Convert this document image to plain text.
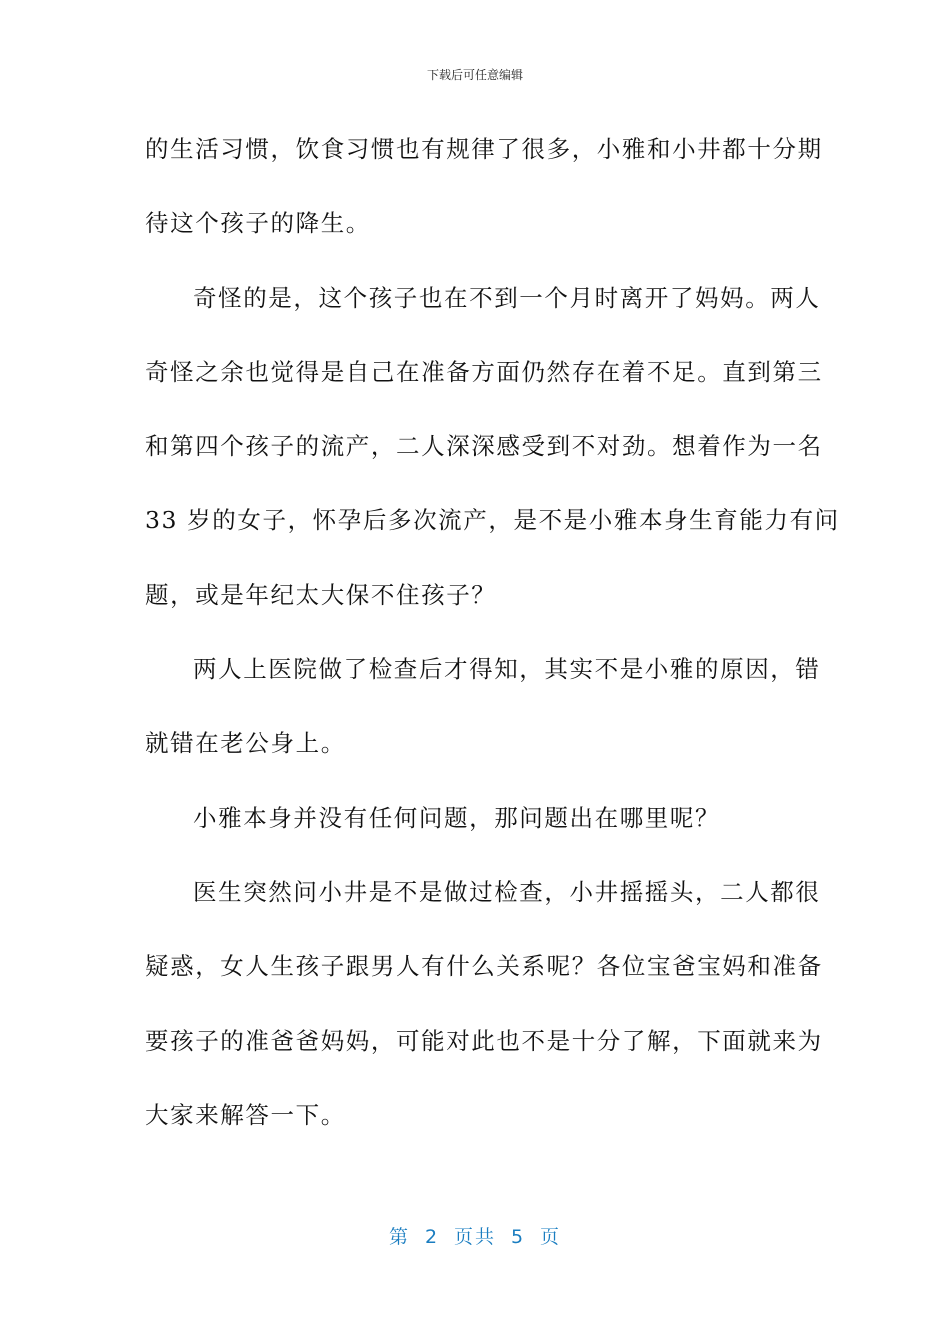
下载后可任意编辑
的生活习惯，饮食习惯也有规律了很多，小雅和小井都十分期
待这个孩子的降生。
奇怪的是，这个孩子也在不到一个月时离开了妈妈。两人
奇怪之余也觉得是自己在准备方面仍然存在着不足。直到第三
和第四个孩子的流产，二人深深感受到不对劲。想着作为一名
33 岁的女子，怀孕后多次流产，是不是小雅本身生育能力有问
题，或是年纪太大保不住孩子？
两人上医院做了检查后才得知，其实不是小雅的原因，错
就错在老公身上。
小雅本身并没有任何问题，那问题出在哪里呢？
医生突然问小井是不是做过检查，小井摇摇头，二人都很
疑惑，女人生孩子跟男人有什么关系呢？各位宝爸宝妈和准备
要孩子的准爸爸妈妈，可能对此也不是十分了解，下面就来为
大家来解答一下。
第 2 页共 5 页
